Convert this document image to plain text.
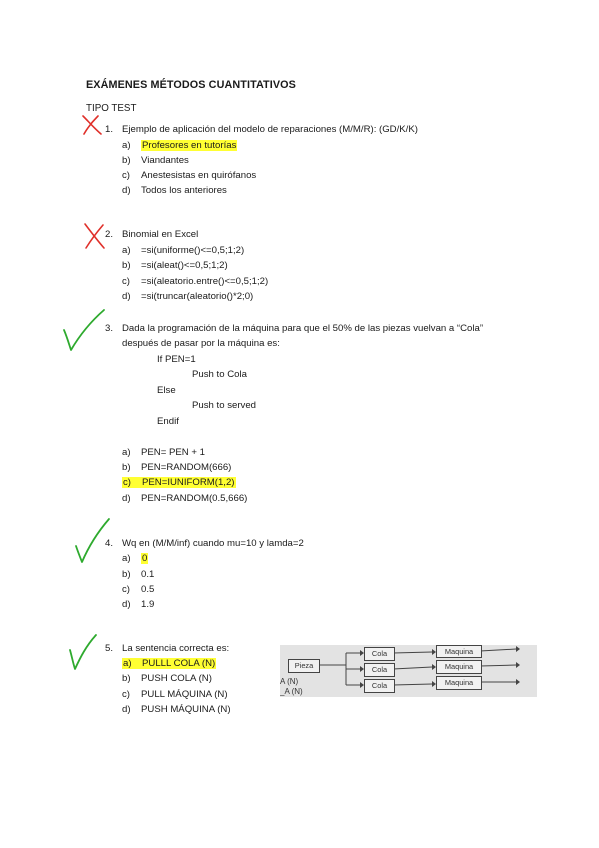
EXÁMENES MÉTODOS CUANTITATIVOS
TIPO TEST
1. Ejemplo de aplicación del modelo de reparaciones (M/M/R): (GD/K/K)
a) Profesores en tutorías
b) Viandantes
c) Anestesistas en quirófanos
d) Todos los anteriores
2. Binomial en Excel
a) =si(uniforme()<=0,5;1;2)
b) =si(aleat()<=0,5;1;2)
c) =si(aleatorio.entre()<=0,5;1;2)
d) =si(truncar(aleatorio()*2;0)
3. Dada la programación de la máquina para que el 50% de las piezas vuelvan a “Cola”
después de pasar por la máquina es:
If PEN=1
Push to Cola
Else
Push to served
Endif
a) PEN= PEN + 1
b) PEN=RANDOM(666)
c) PEN=IUNIFORM(1,2)
d) PEN=RANDOM(0.5,666)
4. Wq en (M/M/inf) cuando mu=10 y lamda=2
a) 0
b) 0.1
c) 0.5
d) 1.9
5. La sentencia correcta es:
a) PULLL COLA (N)
b) PUSH COLA (N)
c) PULL MÁQUINA (N)
d) PUSH MÁQUINA (N)
Pieza
Cola
Cola
Cola
Maquina
Maquina
Maquina
A (N)
_A (N)
